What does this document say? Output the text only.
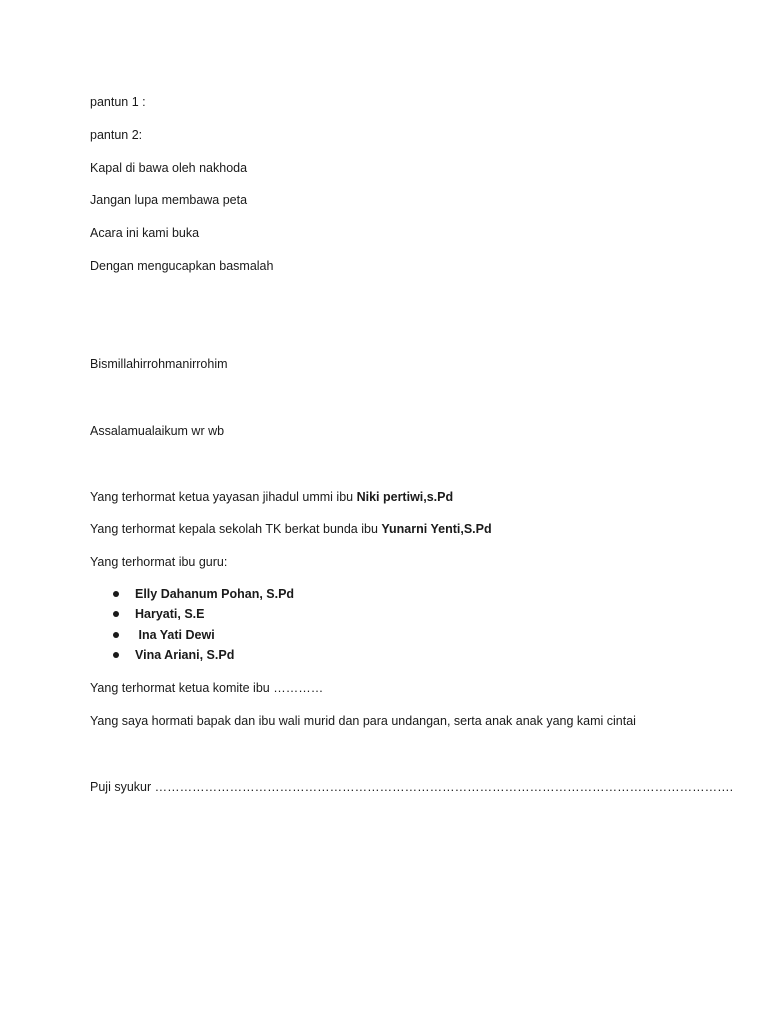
pantun 1 :
pantun 2:
Kapal di bawa oleh nakhoda
Jangan lupa membawa peta
Acara ini kami buka
Dengan mengucapkan basmalah
Bismillahirrohmanirrohim
Assalamualaikum wr wb
Yang terhormat ketua yayasan jihadul ummi ibu Niki pertiwi,s.Pd
Yang terhormat kepala sekolah TK berkat bunda ibu Yunarni Yenti,S.Pd
Yang terhormat ibu guru:
Elly Dahanum Pohan, S.Pd
Haryati, S.E
Ina Yati Dewi
Vina Ariani, S.Pd
Yang terhormat ketua komite ibu …………
Yang saya hormati bapak dan ibu wali murid dan para undangan, serta anak anak yang kami cintai
Puji syukur ………………………………………………………………………………………………………………………….
